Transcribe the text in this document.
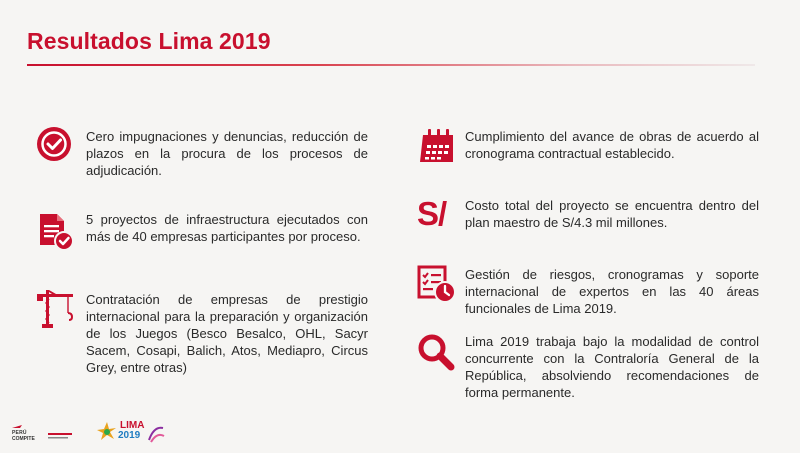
Resultados Lima 2019

Cero impugnaciones y denuncias, reducción de plazos en la procura de los procesos de adjudicación.

5 proyectos de infraestructura ejecutados con más de 40 empresas participantes por proceso.

Contratación de empresas de prestigio internacional para la preparación y organización de los Juegos (Besco Besalco, OHL, Sacyr Sacem, Cosapi, Balich, Atos, Mediapro, Circus Grey, entre otras)

Cumplimiento del avance de obras de acuerdo al cronograma contractual establecido.

S/	Costo total del proyecto se encuentra dentro del plan maestro de S/4.3 mil millones.

Gestión de riesgos, cronogramas y soporte internacional de expertos en las 40 áreas funcionales de Lima 2019.

Lima 2019 trabaja bajo la modalidad de control concurrente con la Contraloría General de la República, absolviendo recomendaciones de forma permanente.

PERÚ
COMPITE
LIMA
2019
